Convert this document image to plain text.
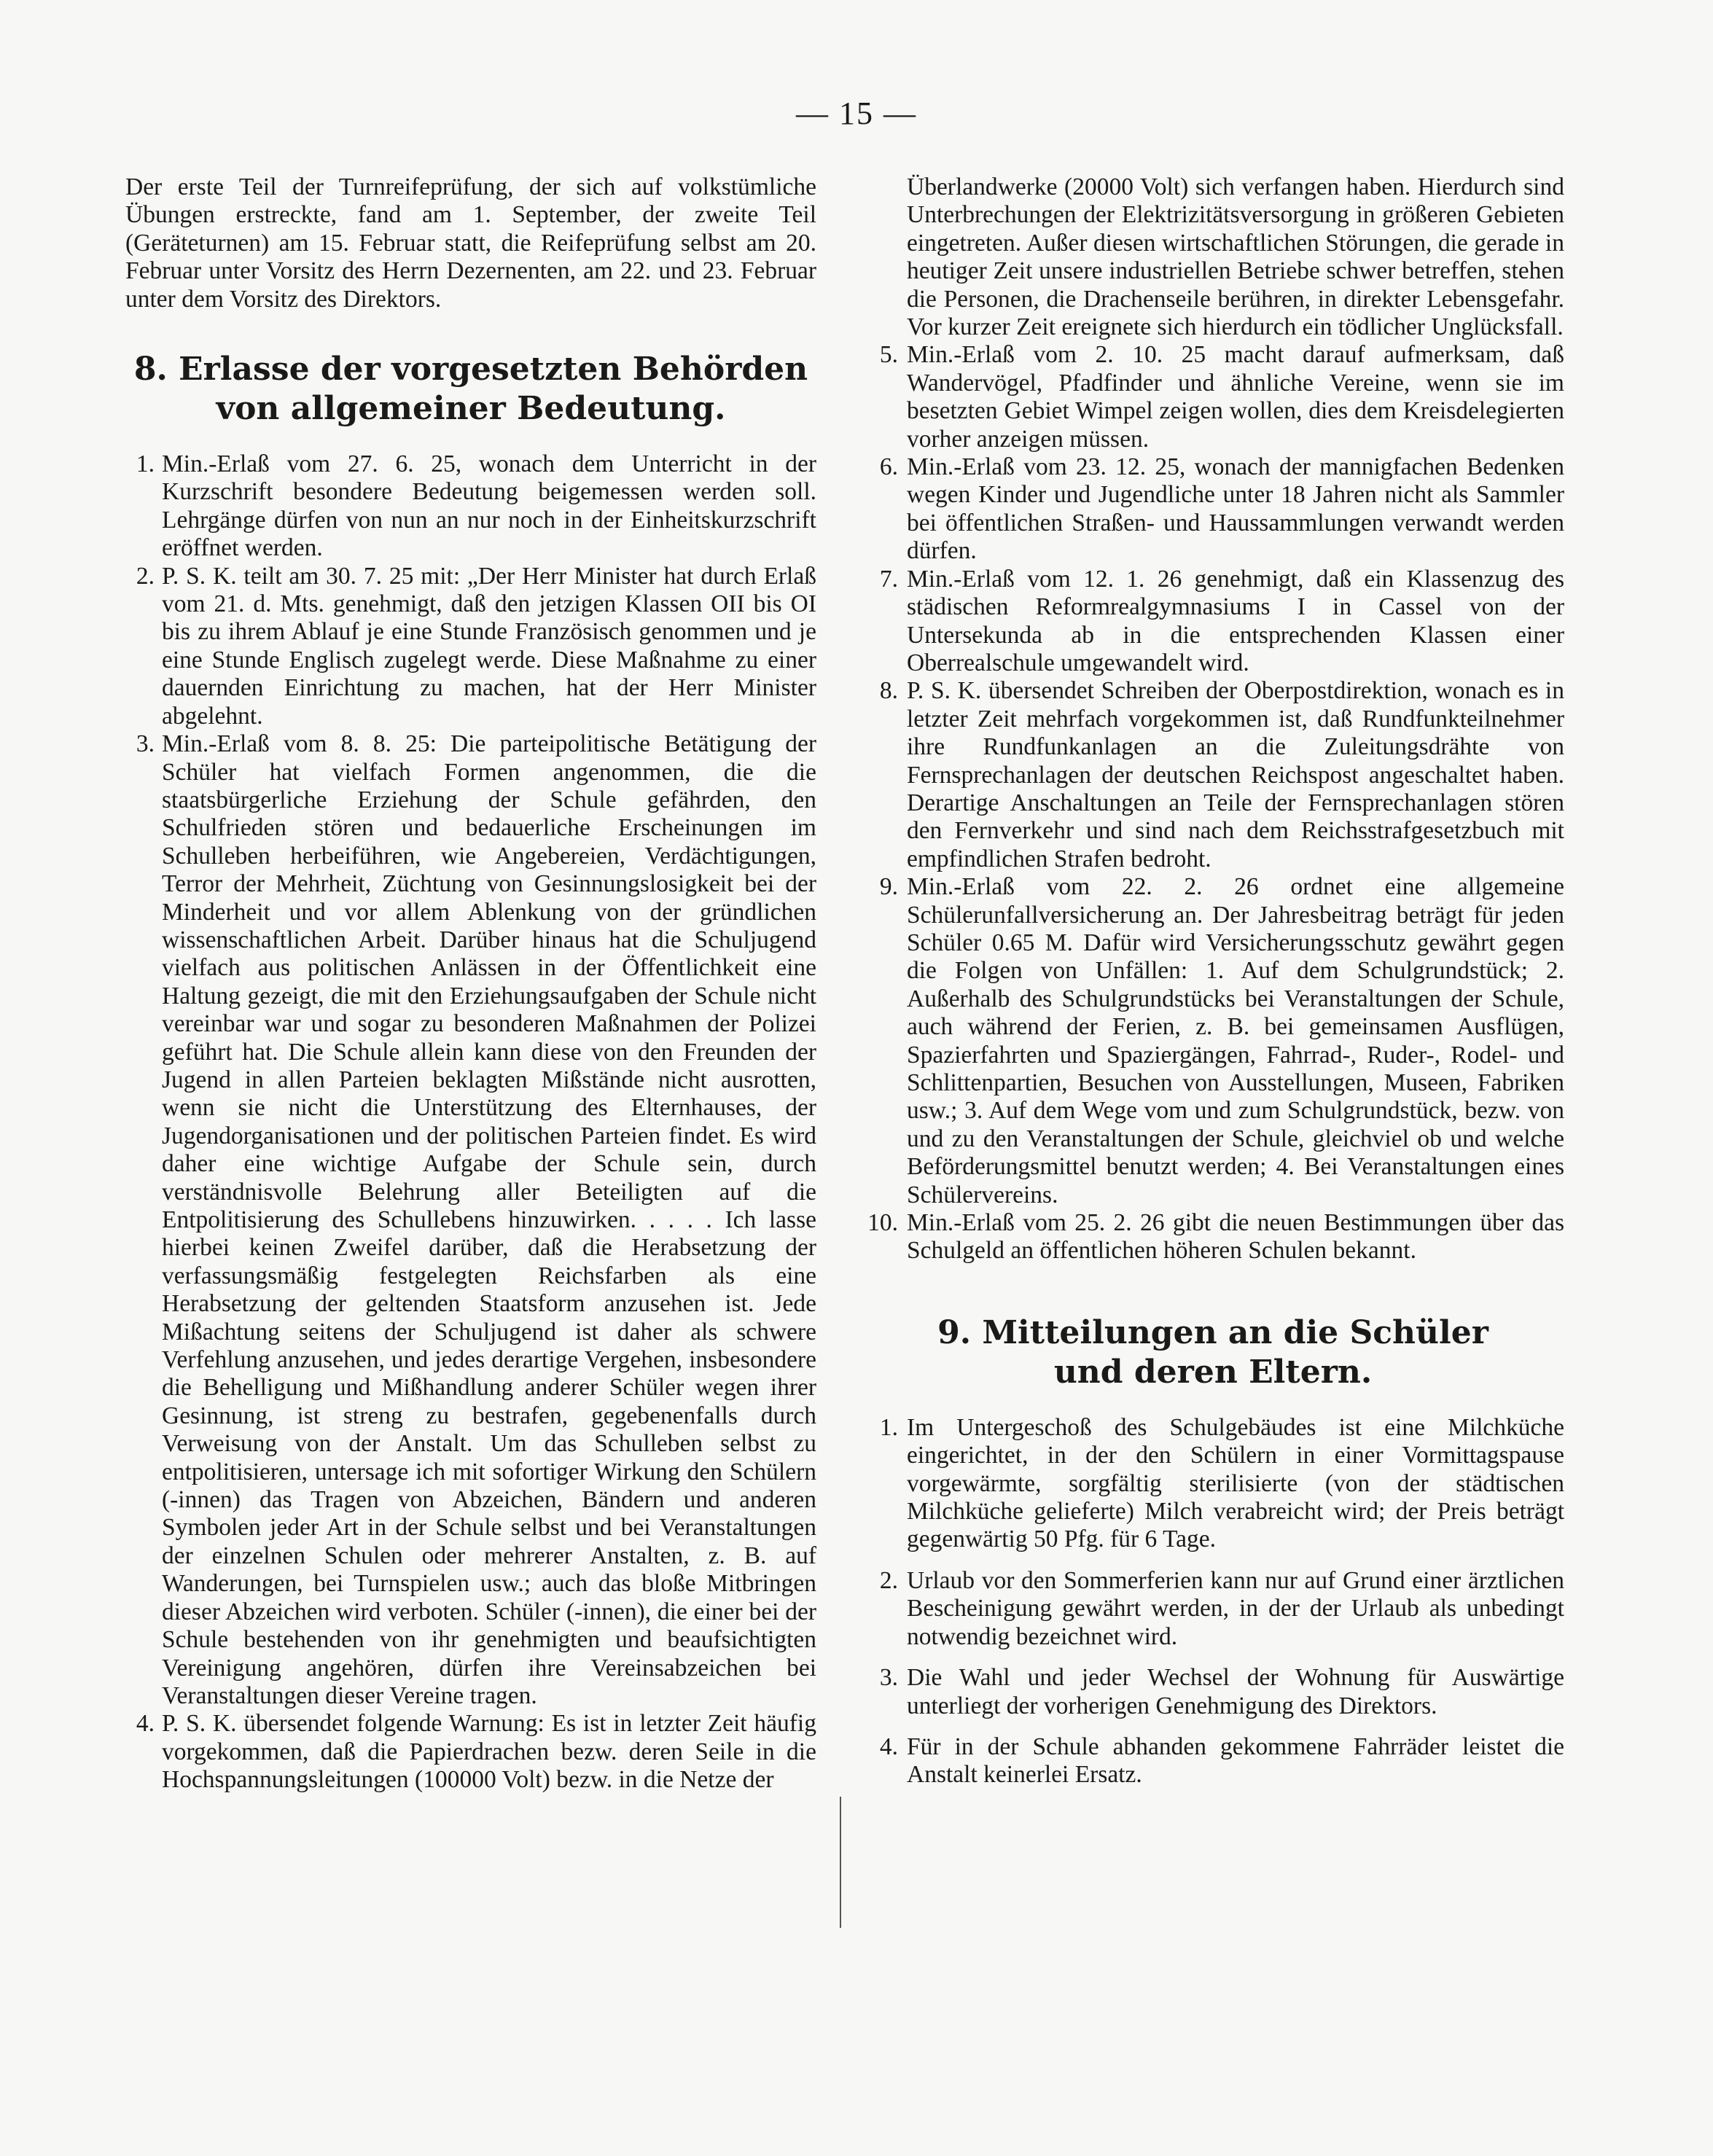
— 15 —

Der erste Teil der Turnreifeprüfung, der sich auf volkstümliche Übungen erstreckte, fand am 1. September, der zweite Teil (Geräteturnen) am 15. Februar statt, die Reifeprüfung selbst am 20. Februar unter Vorsitz des Herrn Dezernenten, am 22. und 23. Februar unter dem Vorsitz des Direktors.

8. Erlasse der vorgesetzten Behörden
von allgemeiner Bedeutung.
1. Min.-Erlaß vom 27. 6. 25, wonach dem Unterricht in der Kurzschrift besondere Bedeutung beigemessen werden soll. Lehrgänge dürfen von nun an nur noch in der Einheitskurzschrift eröffnet werden.
2. P. S. K. teilt am 30. 7. 25 mit: „Der Herr Minister hat durch Erlaß vom 21. d. Mts. genehmigt, daß den jetzigen Klassen OII bis OI bis zu ihrem Ablauf je eine Stunde Französisch genommen und je eine Stunde Englisch zugelegt werde. Diese Maßnahme zu einer dauernden Einrichtung zu machen, hat der Herr Minister abgelehnt.
3. Min.-Erlaß vom 8. 8. 25: Die parteipolitische Betätigung der Schüler hat vielfach Formen angenommen, die die staatsbürgerliche Erziehung der Schule gefährden, den Schulfrieden stören und bedauerliche Erscheinungen im Schulleben herbeiführen, wie Angebereien, Verdächtigungen, Terror der Mehrheit, Züchtung von Gesinnungslosigkeit bei der Minderheit und vor allem Ablenkung von der gründlichen wissenschaftlichen Arbeit. Darüber hinaus hat die Schuljugend vielfach aus politischen Anlässen in der Öffentlichkeit eine Haltung gezeigt, die mit den Erziehungsaufgaben der Schule nicht vereinbar war und sogar zu besonderen Maßnahmen der Polizei geführt hat. Die Schule allein kann diese von den Freunden der Jugend in allen Parteien beklagten Mißstände nicht ausrotten, wenn sie nicht die Unterstützung des Elternhauses, der Jugendorganisationen und der politischen Parteien findet. Es wird daher eine wichtige Aufgabe der Schule sein, durch verständnisvolle Belehrung aller Beteiligten auf die Entpolitisierung des Schullebens hinzuwirken. . . . . Ich lasse hierbei keinen Zweifel darüber, daß die Herabsetzung der verfassungsmäßig festgelegten Reichsfarben als eine Herabsetzung der geltenden Staatsform anzusehen ist. Jede Mißachtung seitens der Schuljugend ist daher als schwere Verfehlung anzusehen, und jedes derartige Vergehen, insbesondere die Behelligung und Mißhandlung anderer Schüler wegen ihrer Gesinnung, ist streng zu bestrafen, gegebenenfalls durch Verweisung von der Anstalt. Um das Schulleben selbst zu entpolitisieren, untersage ich mit sofortiger Wirkung den Schülern (-innen) das Tragen von Abzeichen, Bändern und anderen Symbolen jeder Art in der Schule selbst und bei Veranstaltungen der einzelnen Schulen oder mehrerer Anstalten, z. B. auf Wanderungen, bei Turnspielen usw.; auch das bloße Mitbringen dieser Abzeichen wird verboten. Schüler (-innen), die einer bei der Schule bestehenden von ihr genehmigten und beaufsichtigten Vereinigung angehören, dürfen ihre Vereinsabzeichen bei Veranstaltungen dieser Vereine tragen.
4. P. S. K. übersendet folgende Warnung: Es ist in letzter Zeit häufig vorgekommen, daß die Papierdrachen bezw. deren Seile in die Hochspannungsleitungen (100000 Volt) bezw. in die Netze der
Überlandwerke (20000 Volt) sich verfangen haben. Hierdurch sind Unterbrechungen der Elektrizitätsversorgung in größeren Gebieten eingetreten. Außer diesen wirtschaftlichen Störungen, die gerade in heutiger Zeit unsere industriellen Betriebe schwer betreffen, stehen die Personen, die Drachenseile berühren, in direkter Lebensgefahr. Vor kurzer Zeit ereignete sich hierdurch ein tödlicher Unglücksfall.
5. Min.-Erlaß vom 2. 10. 25 macht darauf aufmerksam, daß Wandervögel, Pfadfinder und ähnliche Vereine, wenn sie im besetzten Gebiet Wimpel zeigen wollen, dies dem Kreisdelegierten vorher anzeigen müssen.
6. Min.-Erlaß vom 23. 12. 25, wonach der mannigfachen Bedenken wegen Kinder und Jugendliche unter 18 Jahren nicht als Sammler bei öffentlichen Straßen- und Haussammlungen verwandt werden dürfen.
7. Min.-Erlaß vom 12. 1. 26 genehmigt, daß ein Klassenzug des städischen Reformrealgymnasiums I in Cassel von der Untersekunda ab in die entsprechenden Klassen einer Oberrealschule umgewandelt wird.
8. P. S. K. übersendet Schreiben der Oberpostdirektion, wonach es in letzter Zeit mehrfach vorgekommen ist, daß Rundfunkteilnehmer ihre Rundfunkanlagen an die Zuleitungsdrähte von Fernsprechanlagen der deutschen Reichspost angeschaltet haben. Derartige Anschaltungen an Teile der Fernsprechanlagen stören den Fernverkehr und sind nach dem Reichsstrafgesetzbuch mit empfindlichen Strafen bedroht.
9. Min.-Erlaß vom 22. 2. 26 ordnet eine allgemeine Schülerunfallversicherung an. Der Jahresbeitrag beträgt für jeden Schüler 0.65 M. Dafür wird Versicherungsschutz gewährt gegen die Folgen von Unfällen: 1. Auf dem Schulgrundstück; 2. Außerhalb des Schulgrundstücks bei Veranstaltungen der Schule, auch während der Ferien, z. B. bei gemeinsamen Ausflügen, Spazierfahrten und Spaziergängen, Fahrrad-, Ruder-, Rodel- und Schlittenpartien, Besuchen von Ausstellungen, Museen, Fabriken usw.; 3. Auf dem Wege vom und zum Schulgrundstück, bezw. von und zu den Veranstaltungen der Schule, gleichviel ob und welche Beförderungsmittel benutzt werden; 4. Bei Veranstaltungen eines Schülervereins.
10. Min.-Erlaß vom 25. 2. 26 gibt die neuen Bestimmungen über das Schulgeld an öffentlichen höheren Schulen bekannt.
9. Mitteilungen an die Schüler
und deren Eltern.
1. Im Untergeschoß des Schulgebäudes ist eine Milchküche eingerichtet, in der den Schülern in einer Vormittagspause vorgewärmte, sorgfältig sterilisierte (von der städtischen Milchküche gelieferte) Milch verabreicht wird; der Preis beträgt gegenwärtig 50 Pfg. für 6 Tage.
2. Urlaub vor den Sommerferien kann nur auf Grund einer ärztlichen Bescheinigung gewährt werden, in der der Urlaub als unbedingt notwendig bezeichnet wird.
3. Die Wahl und jeder Wechsel der Wohnung für Auswärtige unterliegt der vorherigen Genehmigung des Direktors.
4. Für in der Schule abhanden gekommene Fahrräder leistet die Anstalt keinerlei Ersatz.
